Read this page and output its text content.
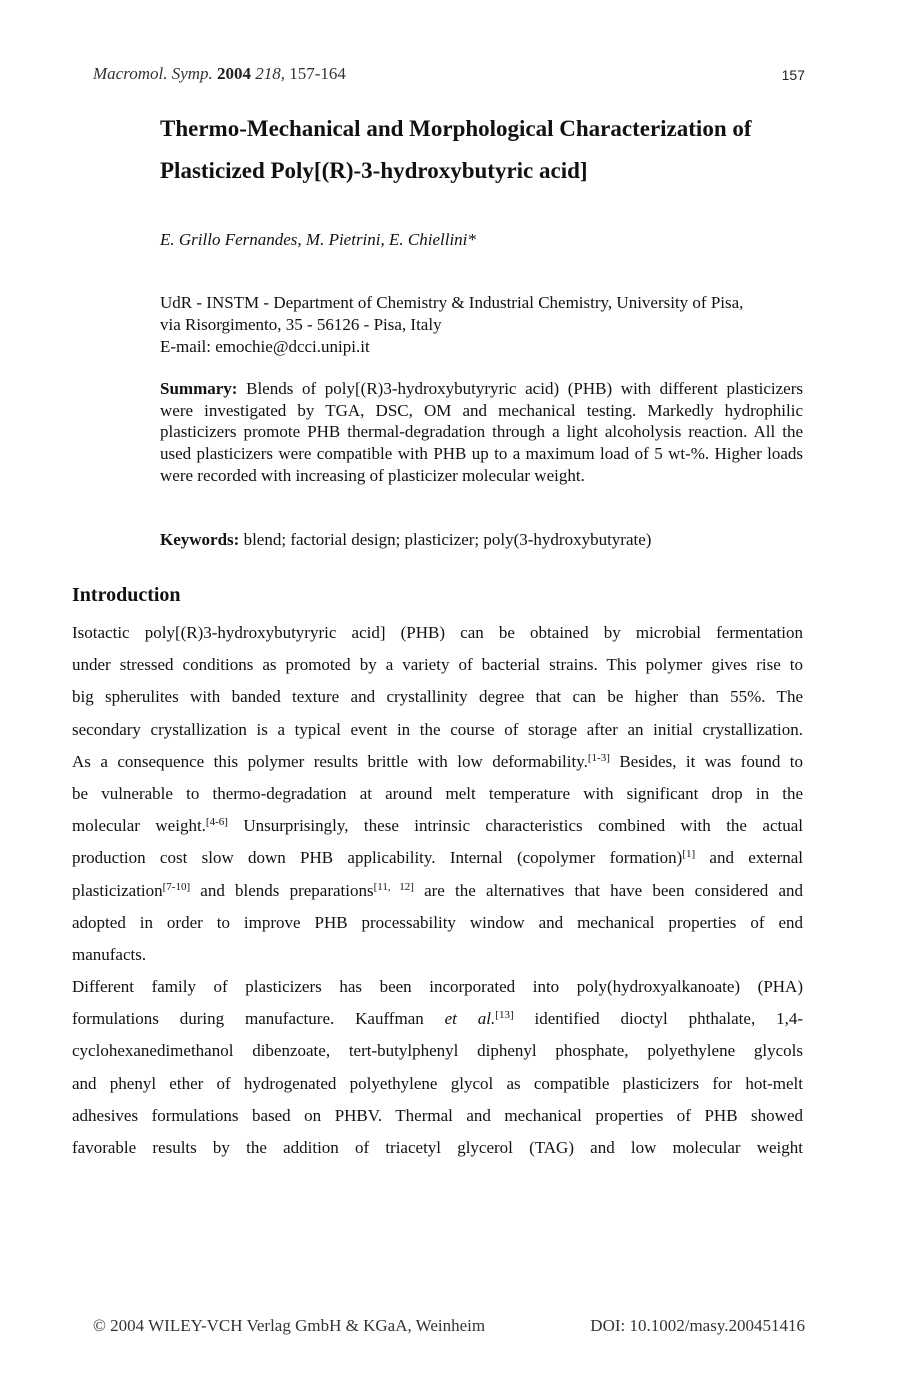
Macromol. Symp. 2004 218, 157-164	157
Thermo-Mechanical and Morphological Characterization of
Plasticized Poly[(R)-3-hydroxybutyric acid]
E. Grillo Fernandes, M. Pietrini, E. Chiellini*
UdR - INSTM - Department of Chemistry & Industrial Chemistry, University of Pisa,
via Risorgimento, 35 - 56126 - Pisa, Italy
E-mail: emochie@dcci.unipi.it
Summary: Blends of poly[(R)3-hydroxybutyryric acid) (PHB) with different plasticizers were investigated by TGA, DSC, OM and mechanical testing. Markedly hydrophilic plasticizers promote PHB thermal-degradation through a light alcoholysis reaction. All the used plasticizers were compatible with PHB up to a maximum load of 5 wt-%. Higher loads were recorded with increasing of plasticizer molecular weight.
Keywords: blend; factorial design; plasticizer; poly(3-hydroxybutyrate)
Introduction
Isotactic poly[(R)3-hydroxybutyryric acid] (PHB) can be obtained by microbial fermentation
under stressed conditions as promoted by a variety of bacterial strains. This polymer gives rise to
big spherulites with banded texture and crystallinity degree that can be higher than 55%. The
secondary crystallization is a typical event in the course of storage after an initial crystallization.
As a consequence this polymer results brittle with low deformability.[1-3] Besides, it was found to
be vulnerable to thermo-degradation at around melt temperature with significant drop in the
molecular weight.[4-6] Unsurprisingly, these intrinsic characteristics combined with the actual
production cost slow down PHB applicability. Internal (copolymer formation)[1] and external
plasticization[7-10] and blends preparations[11, 12] are the alternatives that have been considered and
adopted in order to improve PHB processability window and mechanical properties of end
manufacts.
Different family of plasticizers has been incorporated into poly(hydroxyalkanoate) (PHA)
formulations during manufacture. Kauffman et al.[13] identified dioctyl phthalate, 1,4-
cyclohexanedimethanol dibenzoate, tert-butylphenyl diphenyl phosphate, polyethylene glycols
and phenyl ether of hydrogenated polyethylene glycol as compatible plasticizers for hot-melt
adhesives formulations based on PHBV. Thermal and mechanical properties of PHB showed
favorable results by the addition of triacetyl glycerol (TAG) and low molecular weight
© 2004 WILEY-VCH Verlag GmbH & KGaA, Weinheim	DOI: 10.1002/masy.200451416
